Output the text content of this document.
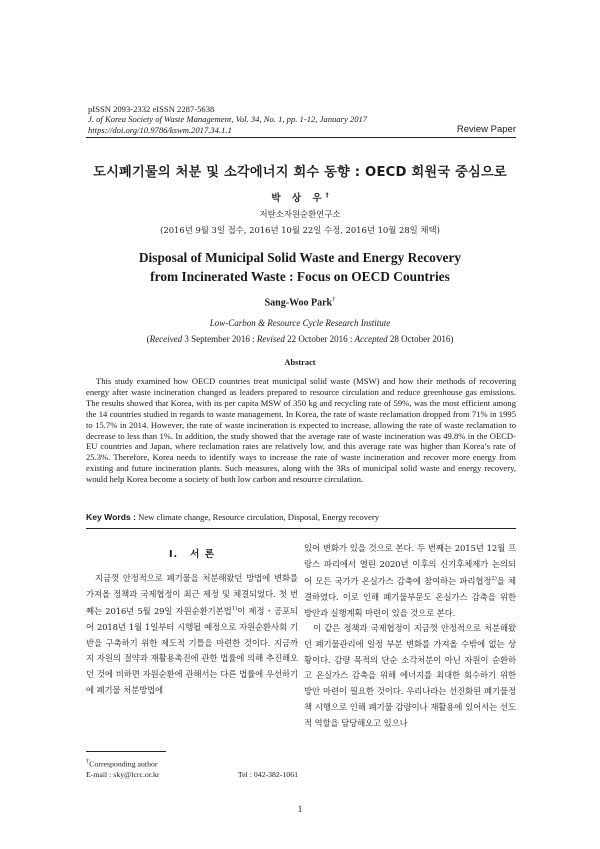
pISSN 2093-2332 eISSN 2287-5638
J. of Korea Society of Waste Management, Vol. 34, No. 1, pp. 1-12, January 2017
https://doi.org/10.9786/kswm.2017.34.1.1	Review Paper
도시폐기물의 처분 및 소각에너지 회수 동향 : OECD 회원국 중심으로
박 상 우†
저탄소자원순환연구소
(2016년 9월 3일 접수, 2016년 10월 22일 수정, 2016년 10월 28일 채택)
Disposal of Municipal Solid Waste and Energy Recovery
from Incinerated Waste : Focus on OECD Countries
Sang-Woo Park†
Low-Carbon & Resource Cycle Research Institute
(Received 3 September 2016 : Revised 22 October 2016 : Accepted 28 October 2016)
Abstract

This study examined how OECD countries treat municipal solid waste (MSW) and how their methods of recovering energy after waste incineration changed as leaders prepared to resource circulation and reduce greenhouse gas emissions. The results showed that Korea, with its per capita MSW of 350 kg and recycling rate of 59%, was the most efficient among the 14 countries studied in regards to waste management. In Korea, the rate of waste reclamation dropped from 71% in 1995 to 15.7% in 2014. However, the rate of waste incineration is expected to increase, allowing the rate of waste reclamation to decrease to less than 1%. In addition, the study showed that the average rate of waste incineration was 49.8% in the OECD-EU countries and Japan, where reclamation rates are relatively low, and this average rate was higher than Korea’s rate of 25.3%. Therefore, Korea needs to identify ways to increase the rate of waste incineration and recover more energy from existing and future incineration plants. Such measures, along with the 3Rs of municipal solid waste and energy recovery, would help Korea become a society of both low carbon and resource circulation.

Key Words : New climate change, Resource circulation, Disposal, Energy recovery
I. 서 론

지금껏 안정적으로 폐기물을 처분해왔던 방법에 변화를 가져올 정책과 국제협정이 최근 제정 및 체결되었다. 첫 번째는 2016년 5월 29일 자원순환기본법$^{1)}$이 제정・공포되어 2018년 1월 1일부터 시행될 예정으로 자원순환사회 기반을 구축하기 위한 제도적 기틀을 마련한 것이다. 지금까지 자원의 절약과 재활용촉진에 관한 법률에 의해 추진해오던 것에 비하면 자원순환에 관해서는 다른 법률에 우선하기에 폐기물 처분방법에

있어 변화가 있을 것으로 본다. 두 번째는 2015년 12월 프랑스 파리에서 열린 2020년 이후의 신기후체제가 논의되어 모든 국가가 온실가스 감축에 참여하는 파리협정$^{2)}$을 체결하였다. 이로 인해 폐기물부문도 온실가스 감축을 위한 방안과 실행계획 마련이 있을 것으로 본다.

이 같은 정책과 국제협정이 지금껏 안정적으로 처분해왔던 폐기물관리에 일정 부분 변화를 가져올 수밖에 없는 상황이다. 감량 목적의 단순 소각처분이 아닌 자원이 순환하고 온실가스 감축을 위해 에너지를 최대한 회수하기 위한 방안 마련이 필요한 것이다. 우리나라는 선진화된 폐기물정책 시행으로 인해 폐기물 감량이나 재활용에 있어서는 선도적 역할을 담당해오고 있으나

†Corresponding author
E-mail : sky@lcrc.or.kr	Tel : 042-382-1061
1
